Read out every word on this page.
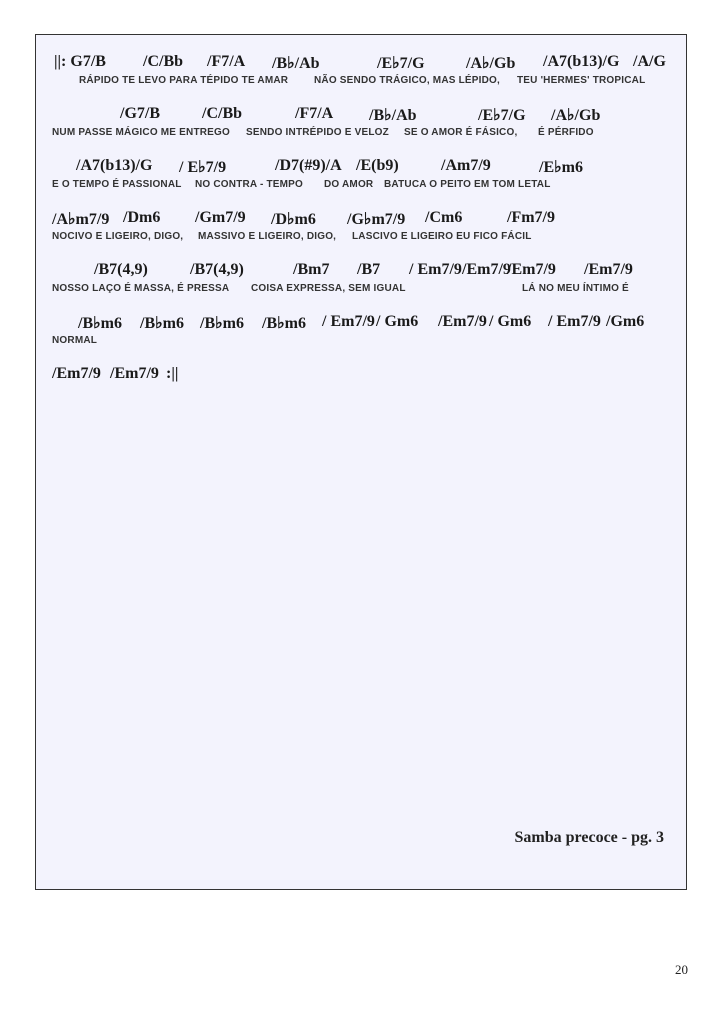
||: G7/B /C/Bb /F7/A /B♭/Ab	/E♭7/G	/A♭/Gb /A7(b13)/G /A/G
RÁPIDO TE LEVO PARA TÉPIDO TE AMAR	NÃO SENDO TRÁGICO, MAS LÉPIDO, TEU 'HERMES' TROPICAL
/G7/B	/C/Bb	/F7/A /B♭/Ab	/E♭7/G /A♭/Gb
NUM PASSE MÁGICO ME ENTREGO SENDO INTRÉPIDO E VELOZ SE O AMOR É FÁSICO, É PÉRFIDO
/A7(b13)/G / E♭7/9	/D7(#9)/A /E(b9)	/Am7/9	/E♭m6
E O TEMPO É PASSIONAL NO CONTRA - TEMPO DO AMOR BATUCA O PEITO EM TOM LETAL
/A♭m7/9 /Dm6 /Gm7/9 /D♭m6 /G♭m7/9 /Cm6	/Fm7/9
NOCIVO E LIGEIRO, DIGO, MASSIVO E LIGEIRO, DIGO, LASCIVO E LIGEIRO EU FICO FÁCIL
/B7(4,9)	/B7(4,9)	/Bm7 /B7 / Em7/9 /Em7/9
/Em7/9 /Em7/9
NOSSO LAÇO É MASSA, É PRESSA COISA EXPRESSA, SEM IGUAL	LÁ NO MEU ÍNTIMO É
/B♭m6 /B♭m6 /B♭m6 /B♭m6 / Em7/9 / Gm6 /Em7/9 / Gm6 / Em7/9 /Gm6
NORMAL
/Em7/9 /Em7/9 :||
Samba precoce - pg. 3
20
